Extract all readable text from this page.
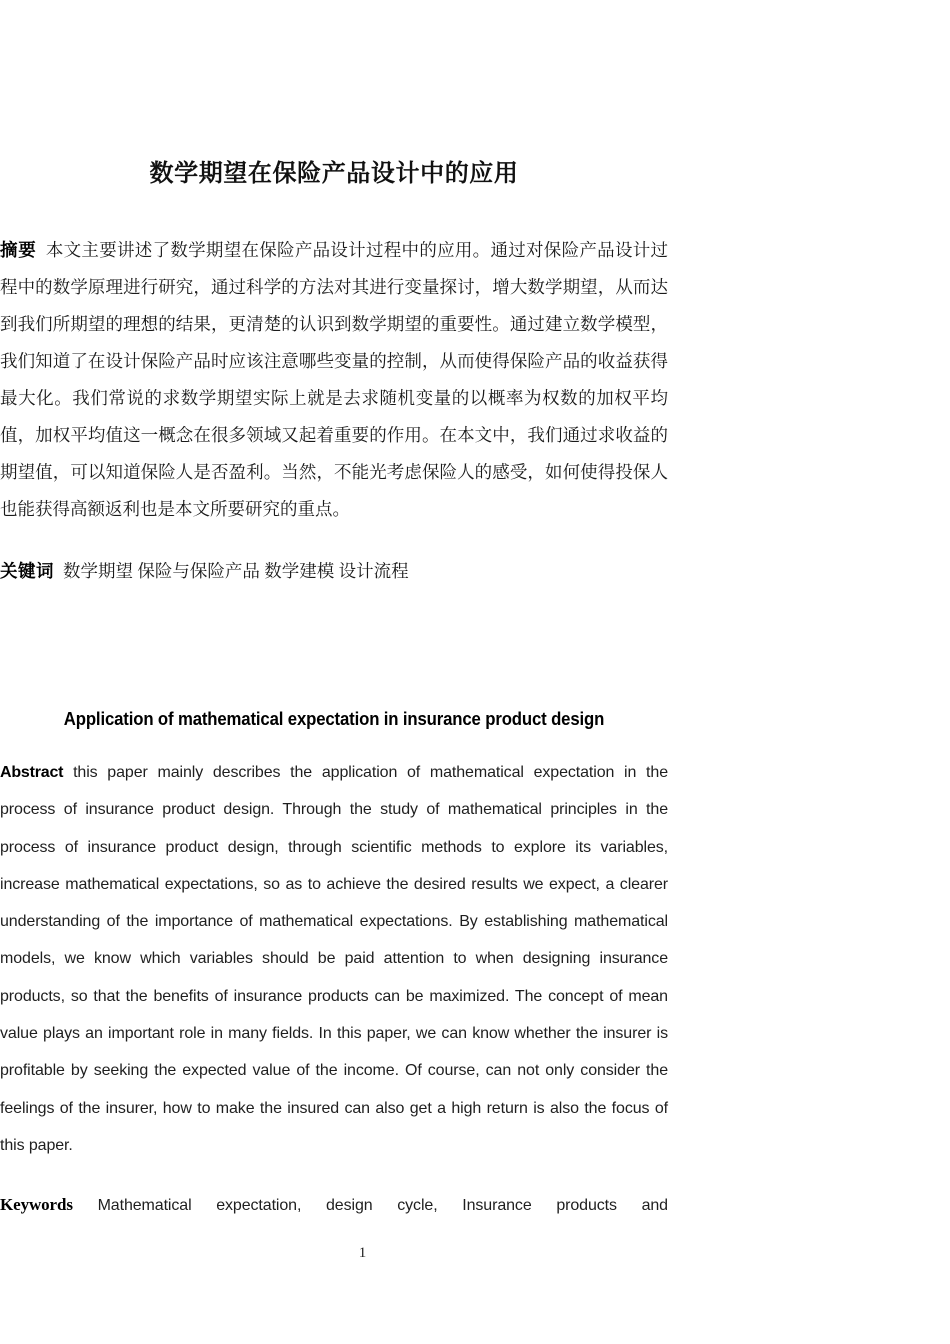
数学期望在保险产品设计中的应用
摘要 本文主要讲述了数学期望在保险产品设计过程中的应用。通过对保险产品设计过程中的数学原理进行研究，通过科学的方法对其进行变量探讨，增大数学期望，从而达到我们所期望的理想的结果，更清楚的认识到数学期望的重要性。通过建立数学模型，我们知道了在设计保险产品时应该注意哪些变量的控制，从而使得保险产品的收益获得最大化。我们常说的求数学期望实际上就是去求随机变量的以概率为权数的加权平均值，加权平均值这一概念在很多领域又起着重要的作用。在本文中，我们通过求收益的期望值，可以知道保险人是否盈利。当然，不能光考虑保险人的感受，如何使得投保人也能获得高额返利也是本文所要研究的重点。
关键词 数学期望 保险与保险产品 数学建模 设计流程
Application of mathematical expectation in insurance product design
Abstract this paper mainly describes the application of mathematical expectation in the process of insurance product design. Through the study of mathematical principles in the process of insurance product design, through scientific methods to explore its variables, increase mathematical expectations, so as to achieve the desired results we expect, a clearer understanding of the importance of mathematical expectations. By establishing mathematical models, we know which variables should be paid attention to when designing insurance products, so that the benefits of insurance products can be maximized. The concept of mean value plays an important role in many fields. In this paper, we can know whether the insurer is profitable by seeking the expected value of the income. Of course, can not only consider the feelings of the insurer, how to make the insured can also get a high return is also the focus of this paper.
Keywords Mathematical expectation, design cycle, Insurance products and
1
